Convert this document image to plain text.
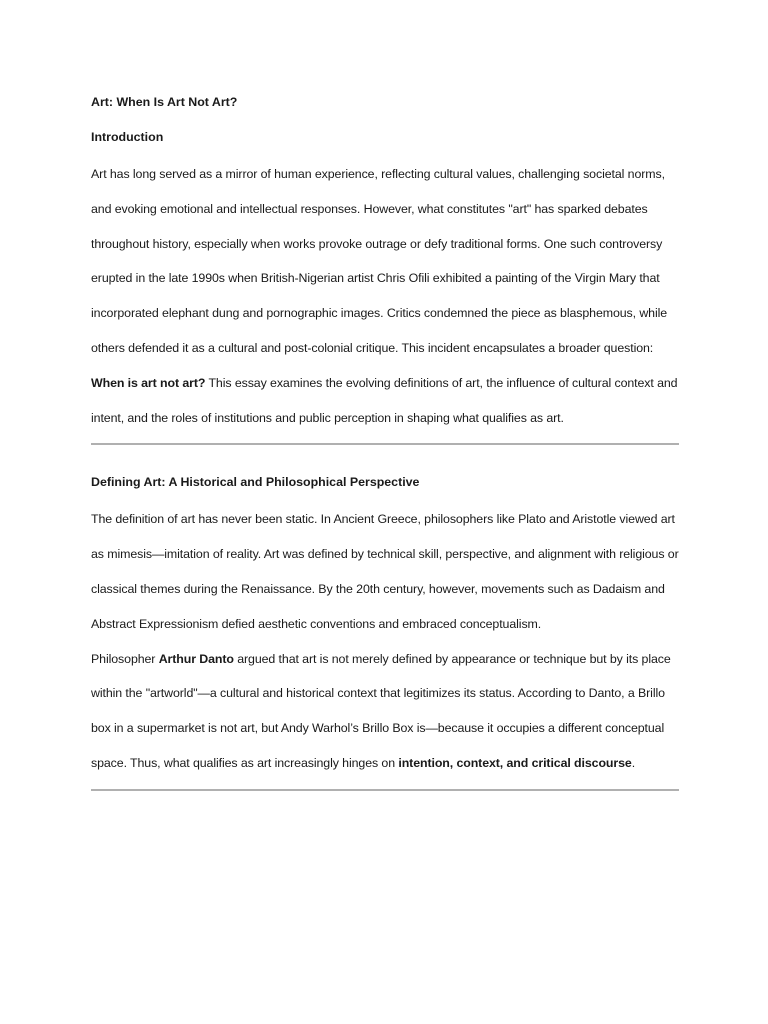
Art: When Is Art Not Art?
Introduction

Art has long served as a mirror of human experience, reflecting cultural values, challenging societal norms, and evoking emotional and intellectual responses. However, what constitutes "art" has sparked debates throughout history, especially when works provoke outrage or defy traditional forms. One such controversy erupted in the late 1990s when British-Nigerian artist Chris Ofili exhibited a painting of the Virgin Mary that incorporated elephant dung and pornographic images. Critics condemned the piece as blasphemous, while others defended it as a cultural and post-colonial critique. This incident encapsulates a broader question: When is art not art? This essay examines the evolving definitions of art, the influence of cultural context and intent, and the roles of institutions and public perception in shaping what qualifies as art.

Defining Art: A Historical and Philosophical Perspective

The definition of art has never been static. In Ancient Greece, philosophers like Plato and Aristotle viewed art as mimesis—imitation of reality. Art was defined by technical skill, perspective, and alignment with religious or classical themes during the Renaissance. By the 20th century, however, movements such as Dadaism and Abstract Expressionism defied aesthetic conventions and embraced conceptualism.

Philosopher Arthur Danto argued that art is not merely defined by appearance or technique but by its place within the "artworld"—a cultural and historical context that legitimizes its status. According to Danto, a Brillo box in a supermarket is not art, but Andy Warhol’s Brillo Box is—because it occupies a different conceptual space. Thus, what qualifies as art increasingly hinges on intention, context, and critical discourse.
